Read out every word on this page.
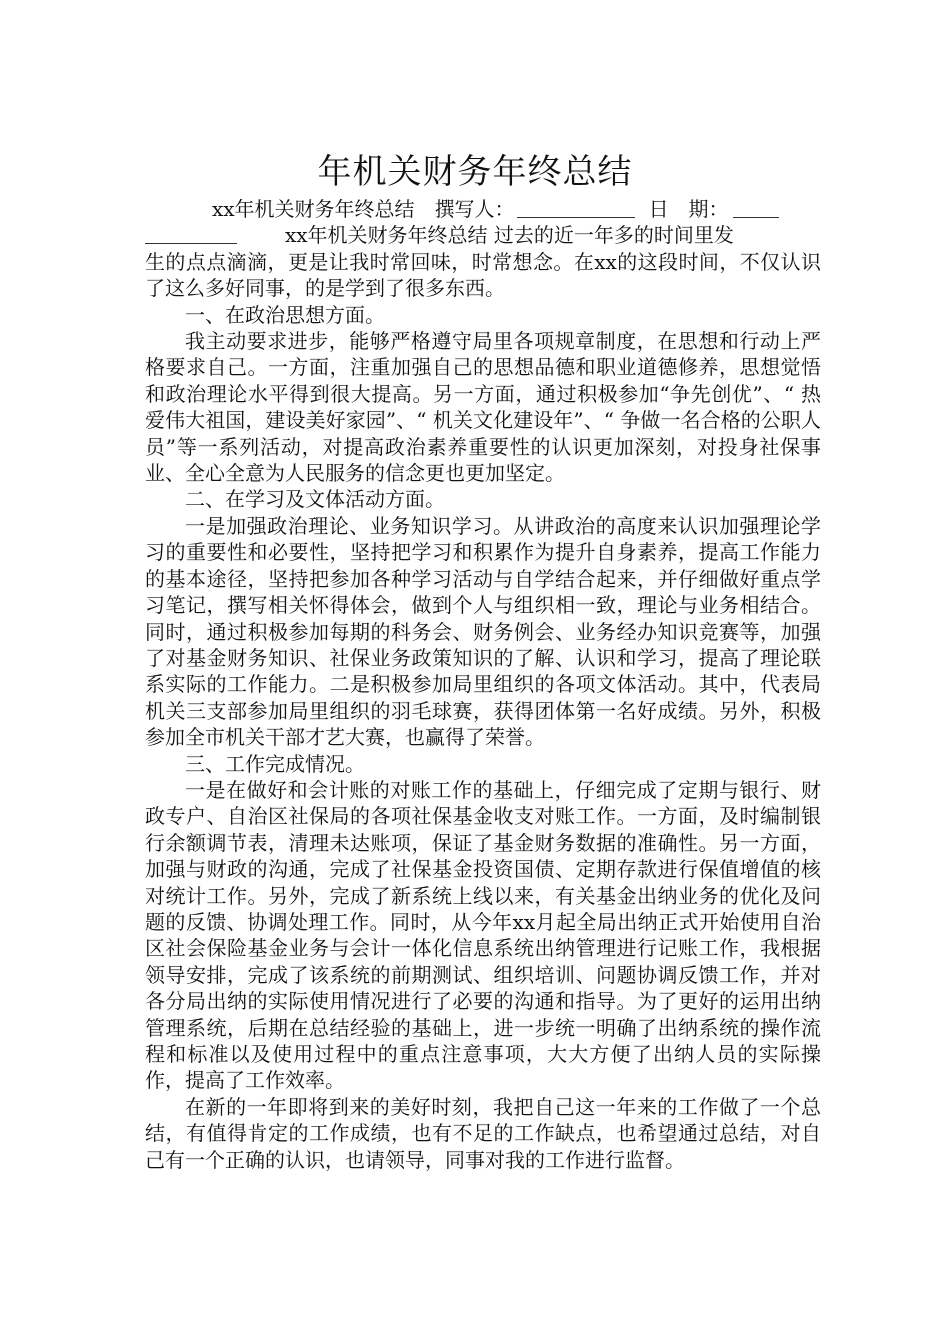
年机关财务年终总结
xx年机关财务年终总结　 撰写人：	日　期：
xx年机关财务年终总结 过去的近一年多的时间里发
生的点点滴滴，更是让我时常回味，时常想念。在xx的这段时间，不仅认识了这么多好同事，的是学到了很多东西。

一、在政治思想方面。

我主动要求进步，能够严格遵守局里各项规章制度，在思想和行动上严格要求自己。一方面，注重加强自己的思想品德和职业道德修养，思想觉悟和政治理论水平得到很大提高。另一方面，通过积极参加“争先创优”、“ 热爱伟大祖国，建设美好家园”、“ 机关文化建设年”、“ 争做一名合格的公职人员”等一系列活动，对提高政治素养重要性的认识更加深刻，对投身社保事业、全心全意为人民服务的信念更也更加坚定。

二、在学习及文体活动方面。

一是加强政治理论、业务知识学习。从讲政治的高度来认识加强理论学习的重要性和必要性，坚持把学习和积累作为提升自身素养，提高工作能力的基本途径，坚持把参加各种学习活动与自学结合起来，并仔细做好重点学习笔记，撰写相关怀得体会，做到个人与组织相一致，理论与业务相结合。同时，通过积极参加每期的科务会、财务例会、业务经办知识竞赛等，加强了对基金财务知识、社保业务政策知识的了解、认识和学习，提高了理论联系实际的工作能力。二是积极参加局里组织的各项文体活动。其中，代表局机关三支部参加局里组织的羽毛球赛，获得团体第一名好成绩。另外，积极参加全市机关干部才艺大赛，也赢得了荣誉。

三、工作完成情况。

一是在做好和会计账的对账工作的基础上，仔细完成了定期与银行、财政专户、自治区社保局的各项社保基金收支对账工作。一方面，及时编制银行余额调节表，清理未达账项，保证了基金财务数据的准确性。另一方面，加强与财政的沟通，完成了社保基金投资国债、定期存款进行保值增值的核对统计工作。另外，完成了新系统上线以来，有关基金出纳业务的优化及问题的反馈、协调处理工作。同时，从今年xx月起全局出纳正式开始使用自治区社会保险基金业务与会计一体化信息系统出纳管理进行记账工作，我根据领导安排，完成了该系统的前期测试、组织培训、问题协调反馈工作，并对各分局出纳的实际使用情况进行了必要的沟通和指导。为了更好的运用出纳管理系统，后期在总结经验的基础上，进一步统一明确了出纳系统的操作流程和标准以及使用过程中的重点注意事项，大大方便了出纳人员的实际操作，提高了工作效率。

在新的一年即将到来的美好时刻，我把自己这一年来的工作做了一个总结，有值得肯定的工作成绩，也有不足的工作缺点，也希望通过总结，对自己有一个正确的认识，也请领导，同事对我的工作进行监督。
